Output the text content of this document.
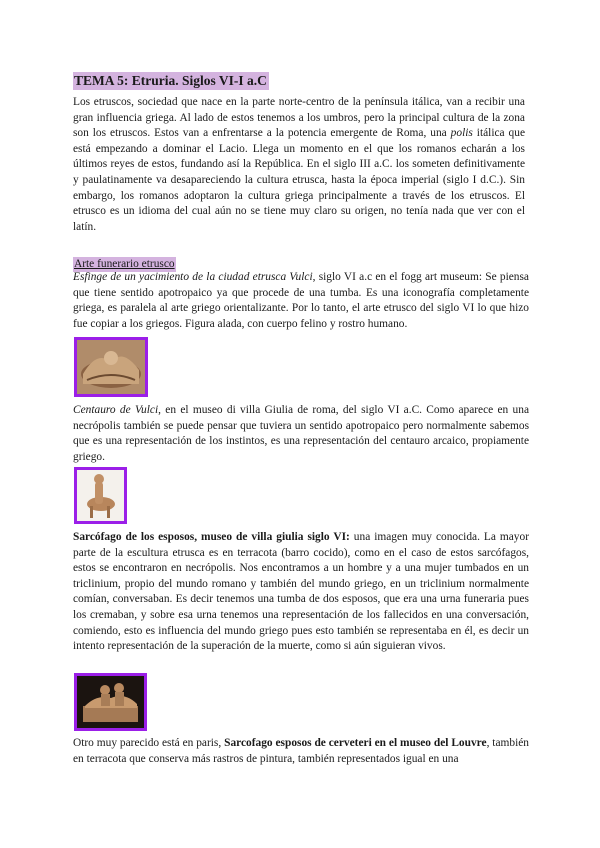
TEMA 5: Etruria. Siglos VI-I a.C

Los etruscos, sociedad que nace en la parte norte-centro de la península itálica, van a recibir una gran influencia griega. Al lado de estos tenemos a los umbros, pero la principal cultura de la zona son los etruscos. Estos van a enfrentarse a la potencia emergente de Roma, una polis itálica que está empezando a dominar el Lacio. Llega un momento en el que los romanos echarán a los últimos reyes de estos, fundando así la República. En el siglo III a.C. los someten definitivamente y paulatinamente va desapareciendo la cultura etrusca, hasta la época imperial (siglo I d.C.). Sin embargo, los romanos adoptaron la cultura griega principalmente a través de los etruscos. El etrusco es un idioma del cual aún no se tiene muy claro su origen, no tenía nada que ver con el latín.

Arte funerario etrusco

Esfinge de un yacimiento de la ciudad etrusca Vulci, siglo VI a.c en el fogg art museum: Se piensa que tiene sentido apotropaico ya que procede de una tumba. Es una iconografía completamente griega, es paralela al arte griego orientalizante. Por lo tanto, el arte etrusco del siglo VI lo que hizo fue copiar a los griegos. Figura alada, con cuerpo felino y rostro humano.

Centauro de Vulci, en el museo di villa Giulia de roma, del siglo VI a.C. Como aparece en una necrópolis también se puede pensar que tuviera un sentido apotropaico pero normalmente sabemos que es una representación de los instintos, es una representación del centauro arcaico, propiamente griego.

Sarcófago de los esposos, museo de villa giulia siglo VI: una imagen muy conocida. La mayor parte de la escultura etrusca es en terracota (barro cocido), como en el caso de estos sarcófagos, estos se encontraron en necrópolis. Nos encontramos a un hombre y a una mujer tumbados en un triclinium, propio del mundo romano y también del mundo griego, en un triclinium normalmente comían, conversaban. Es decir tenemos una tumba de dos esposos, que era una urna funeraria pues los cremaban, y sobre esa urna tenemos una representación de los fallecidos en una conversación, comiendo, esto es influencia del mundo griego pues esto también se representaba en él, es decir un intento representación de la superación de la muerte, como si aún siguieran vivos.

Otro muy parecido está en paris, Sarcofago esposos de cerveteri en el museo del Louvre, también en terracota que conserva más rastros de pintura, también representados igual en una
